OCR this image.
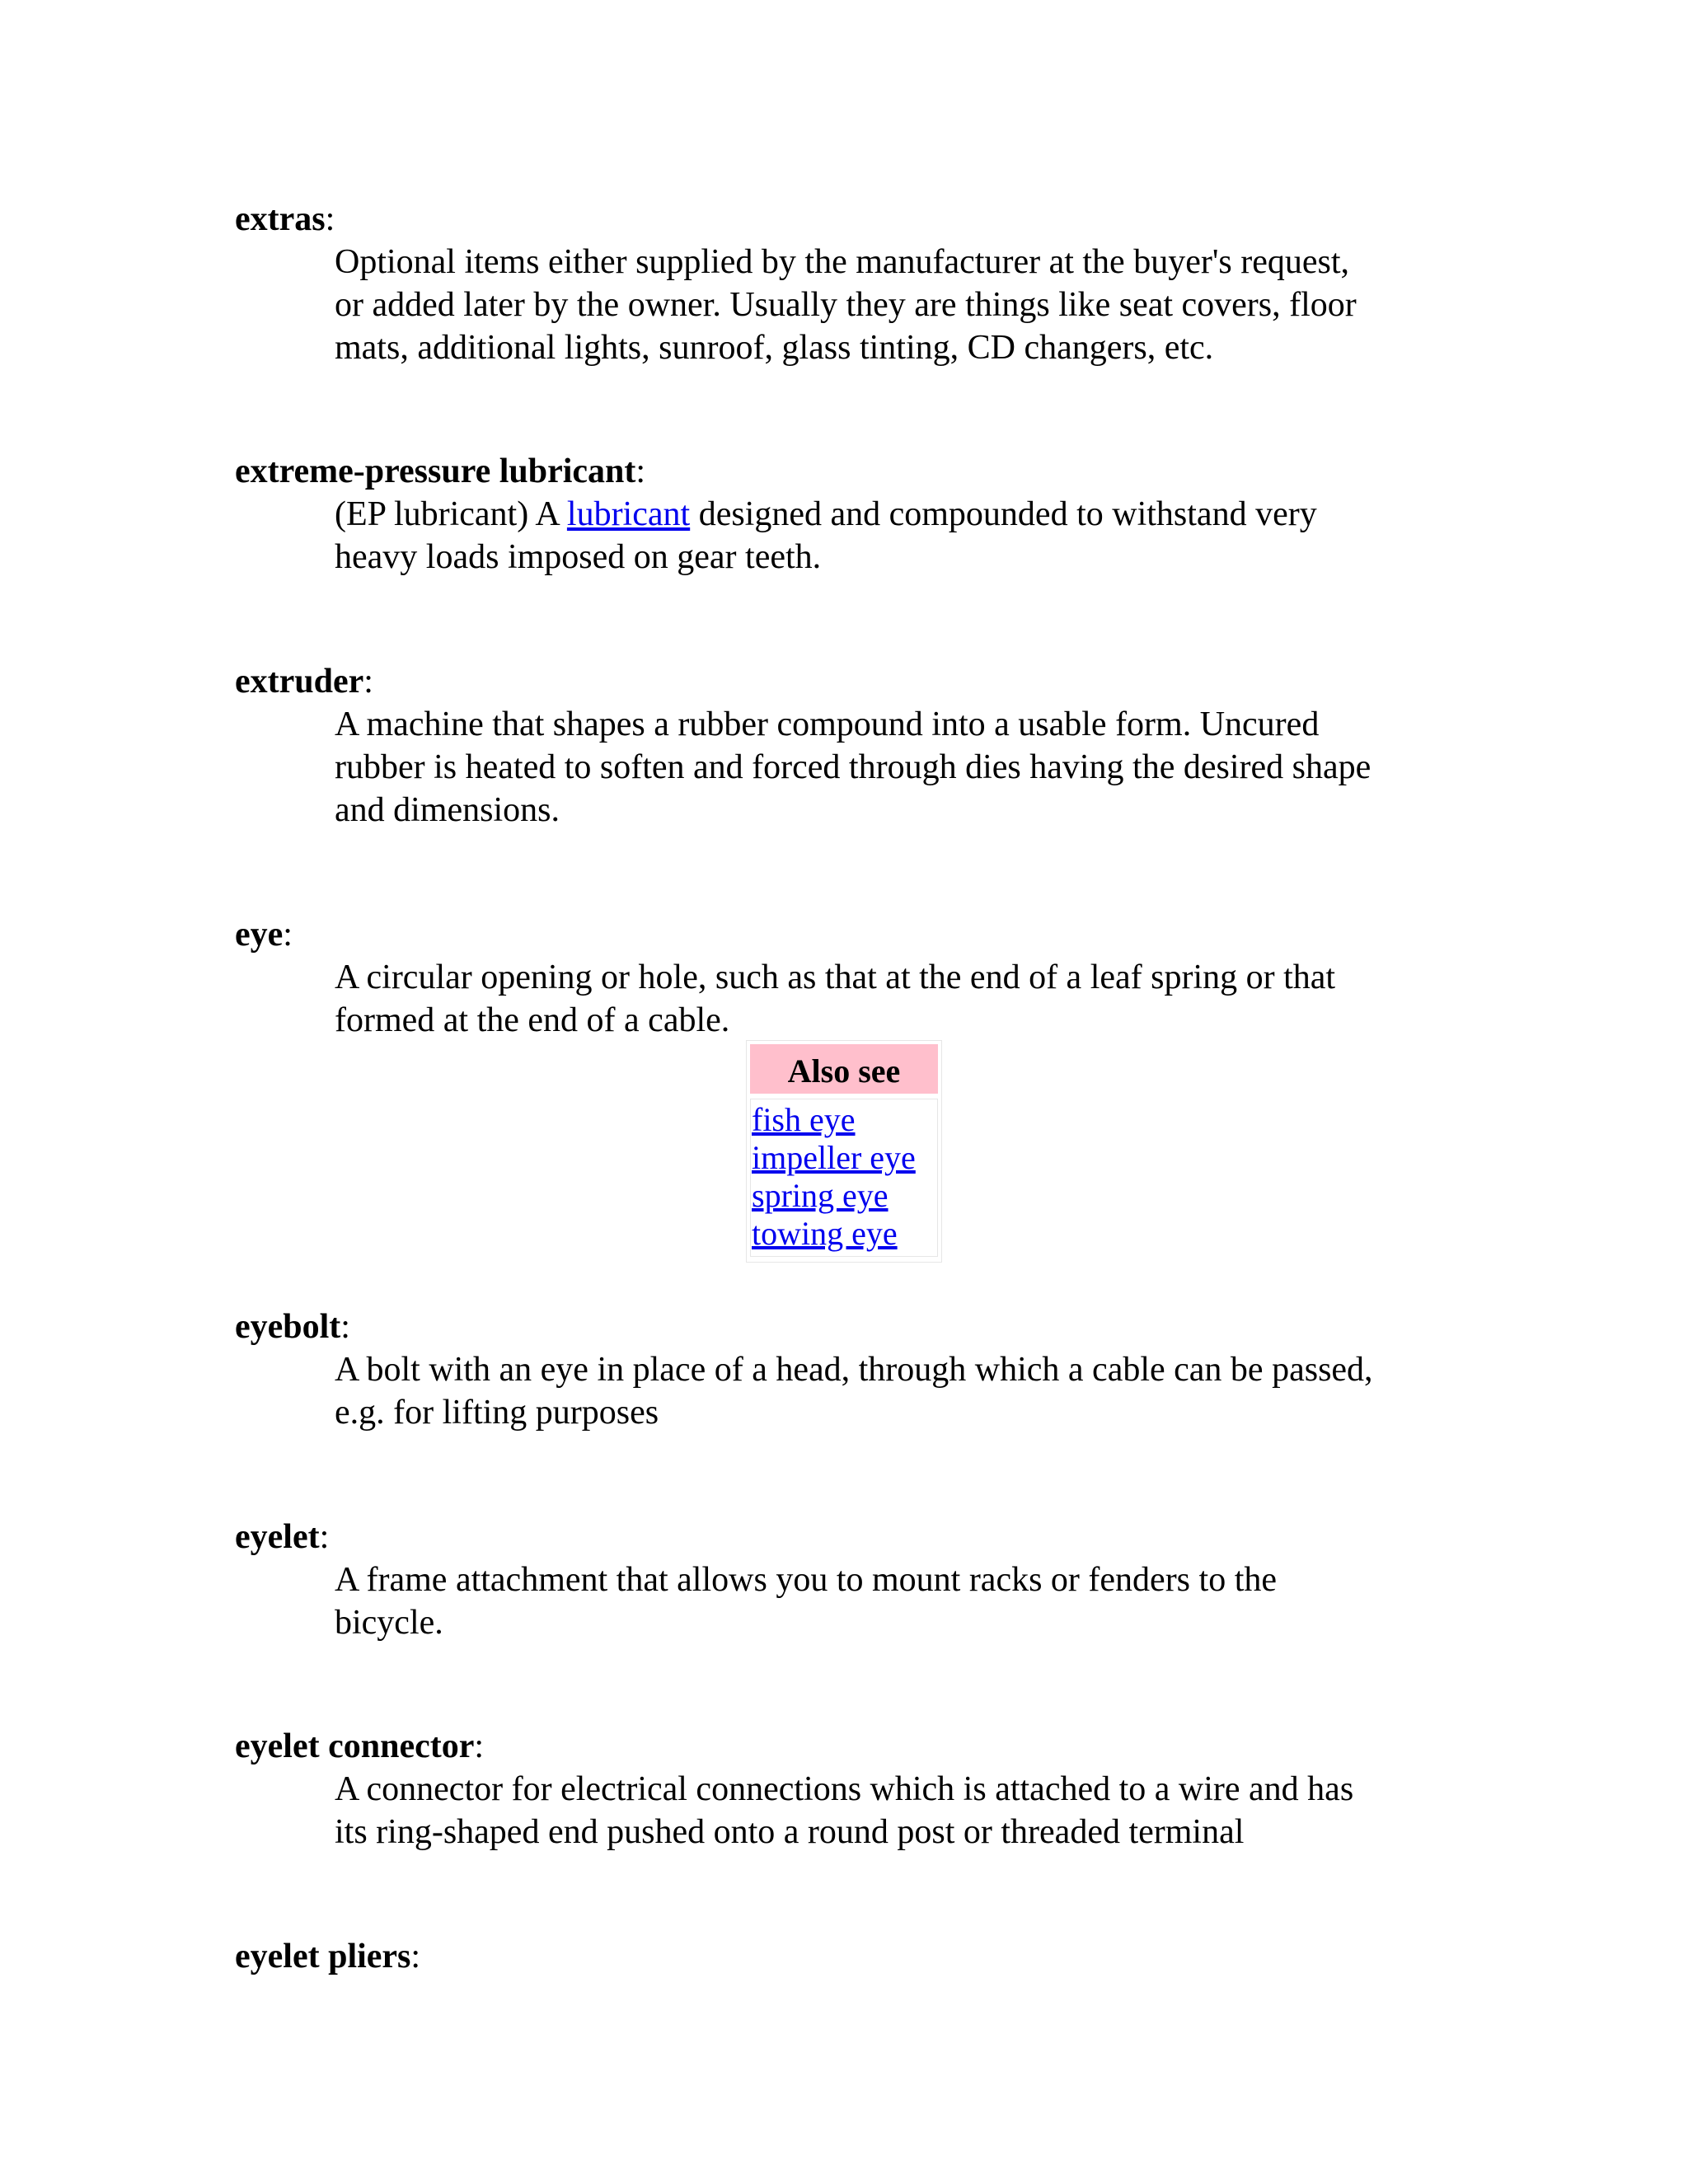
extras:
Optional items either supplied by the manufacturer at the buyer's request,
or added later by the owner. Usually they are things like seat covers, floor
mats, additional lights, sunroof, glass tinting, CD changers, etc.
extreme-pressure lubricant:
(EP lubricant) A lubricant designed and compounded to withstand very
heavy loads imposed on gear teeth.
extruder:
A machine that shapes a rubber compound into a usable form. Uncured
rubber is heated to soften and forced through dies having the desired shape
and dimensions.
eye:
A circular opening or hole, such as that at the end of a leaf spring or that
formed at the end of a cable.
eyebolt:
A bolt with an eye in place of a head, through which a cable can be passed,
e.g. for lifting purposes
eyelet:
A frame attachment that allows you to mount racks or fenders to the
bicycle.
eyelet connector:
A connector for electrical connections which is attached to a wire and has
its ring-shaped end pushed onto a round post or threaded terminal
eyelet pliers:
Also see
fish eye
impeller eye
spring eye
towing eye
